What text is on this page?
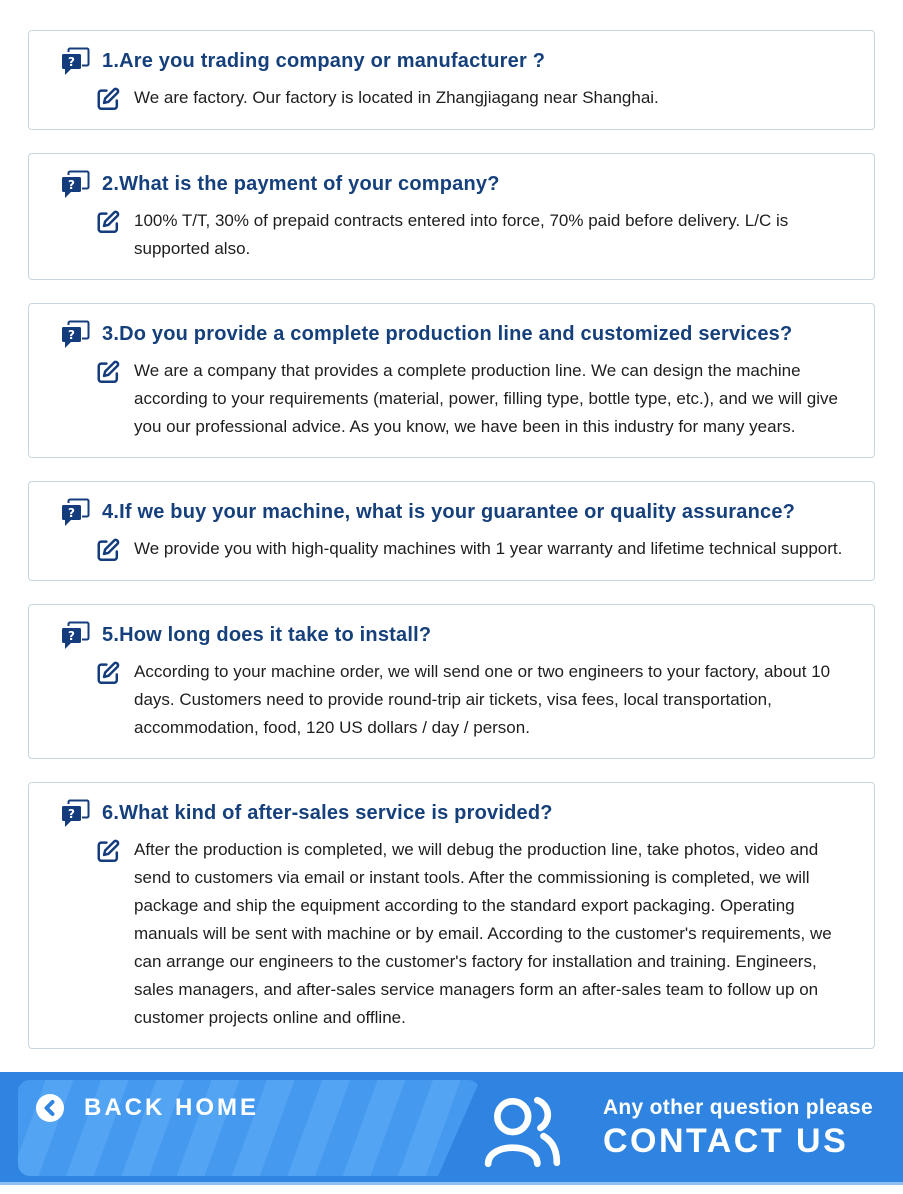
1.Are you trading company or manufacturer ?

We are factory. Our factory is located in Zhangjiagang near Shanghai.

2.What is the payment of your company?

100% T/T, 30% of prepaid contracts entered into force, 70% paid before delivery. L/C is supported also.

3.Do you provide a complete production line and customized services?

We are a company that provides a complete production line. We can design the machine according to your requirements (material, power, filling type, bottle type, etc.), and we will give you our professional advice. As you know, we have been in this industry for many years.

4.If we buy your machine, what is your guarantee or quality assurance?

We provide you with high-quality machines with 1 year warranty and lifetime technical support.

5.How long does it take to install?

According to your machine order, we will send one or two engineers to your factory, about 10 days. Customers need to provide round-trip air tickets, visa fees, local transportation, accommodation, food, 120 US dollars / day / person.

6.What kind of after-sales service is provided?

After the production is completed, we will debug the production line, take photos, video and send to customers via email or instant tools. After the commissioning is completed, we will package and ship the equipment according to the standard export packaging. Operating manuals will be sent with machine or by email. According to the customer's requirements, we can arrange our engineers to the customer's factory for installation and training. Engineers, sales managers, and after-sales service managers form an after-sales team to follow up on customer projects online and offline.

BACK HOME	Any other question please
CONTACT US
